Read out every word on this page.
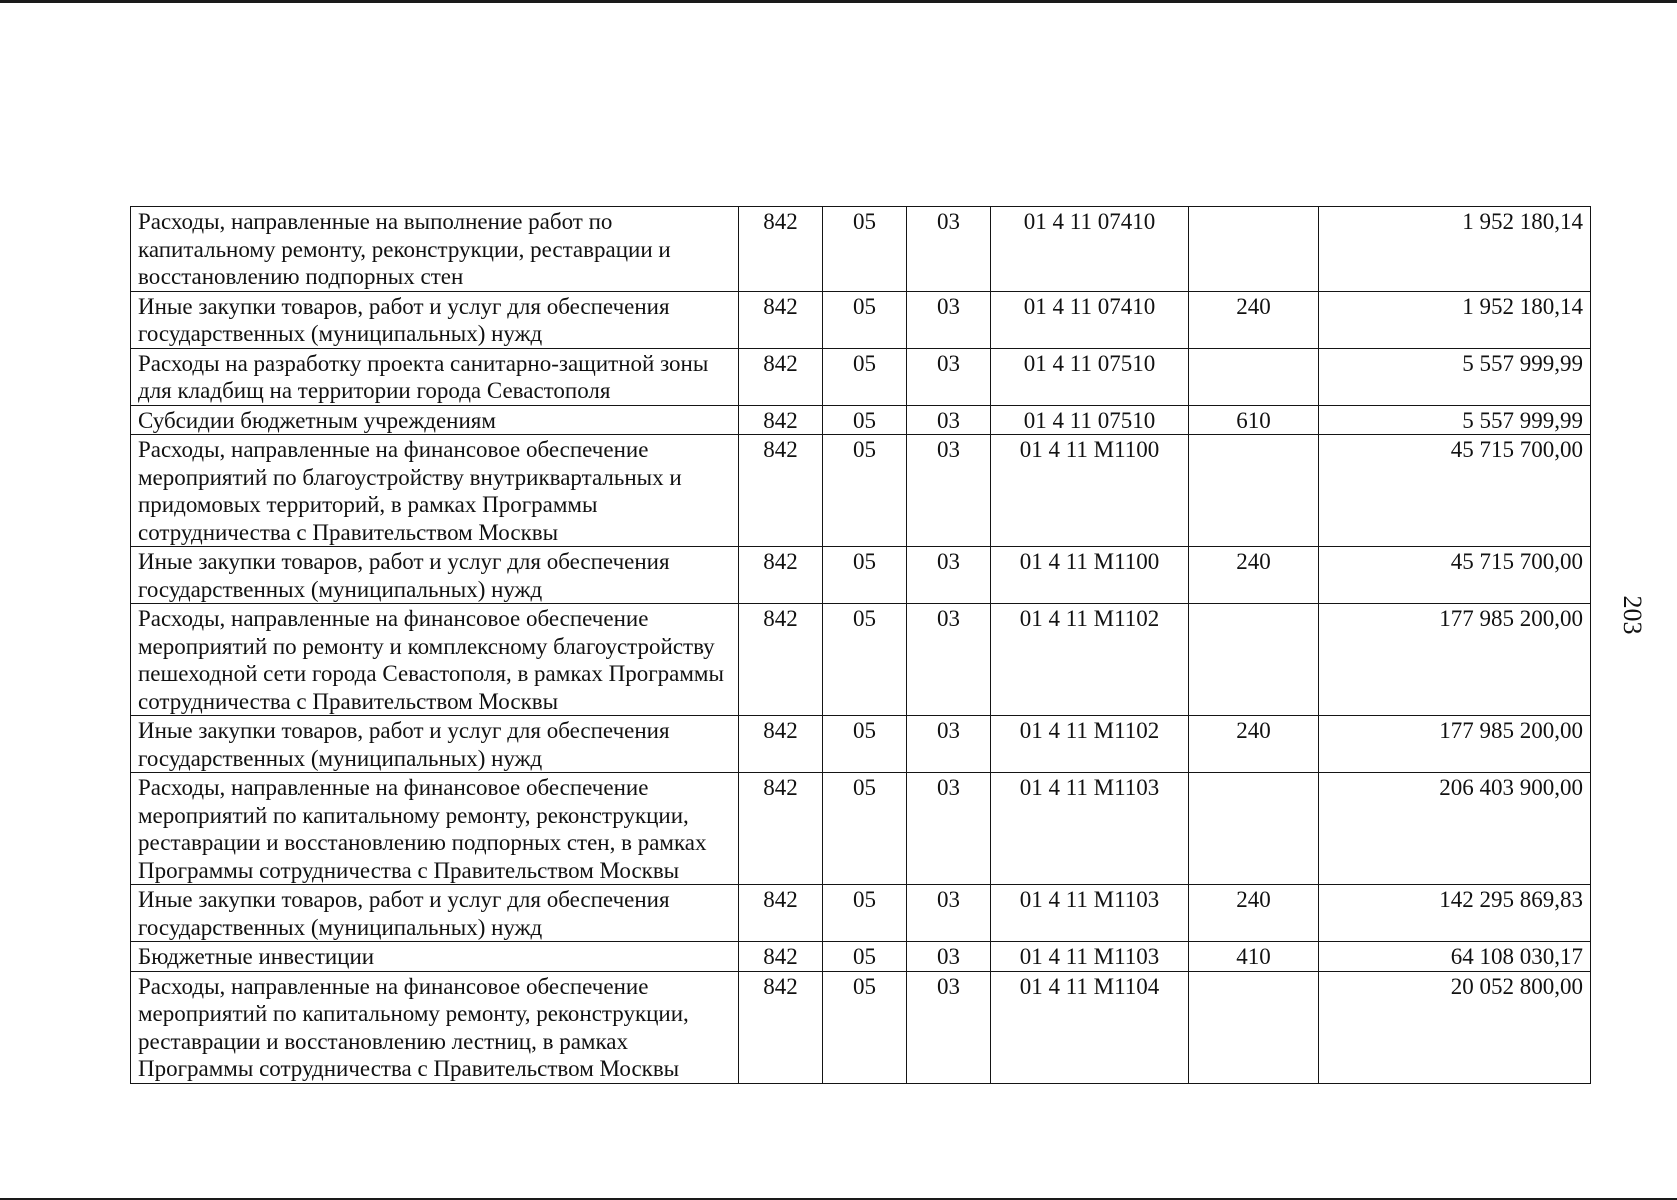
Расходы, направленные на выполнение работ по капитальному ремонту, реконструкции, реставрации и восстановлению подпорных стен	842	05	03	01 4 11 07410		1 952 180,14
Иные закупки товаров, работ и услуг для обеспечения государственных (муниципальных) нужд	842	05	03	01 4 11 07410	240	1 952 180,14
Расходы на разработку проекта санитарно-защитной зоны для кладбищ на территории города Севастополя	842	05	03	01 4 11 07510		5 557 999,99
Субсидии бюджетным учреждениям	842	05	03	01 4 11 07510	610	5 557 999,99
Расходы, направленные на финансовое обеспечение мероприятий по благоустройству внутриквартальных и придомовых территорий, в рамках Программы сотрудничества с Правительством Москвы	842	05	03	01 4 11 М1100		45 715 700,00
Иные закупки товаров, работ и услуг для обеспечения государственных (муниципальных) нужд	842	05	03	01 4 11 М1100	240	45 715 700,00
Расходы, направленные на финансовое обеспечение мероприятий по ремонту и комплексному благоустройству пешеходной сети города Севастополя, в рамках Программы сотрудничества с Правительством Москвы	842	05	03	01 4 11 М1102		177 985 200,00
Иные закупки товаров, работ и услуг для обеспечения государственных (муниципальных) нужд	842	05	03	01 4 11 М1102	240	177 985 200,00
Расходы, направленные на финансовое обеспечение мероприятий по капитальному ремонту, реконструкции, реставрации и восстановлению подпорных стен, в рамках Программы сотрудничества с Правительством Москвы	842	05	03	01 4 11 М1103		206 403 900,00
Иные закупки товаров, работ и услуг для обеспечения государственных (муниципальных) нужд	842	05	03	01 4 11 М1103	240	142 295 869,83
Бюджетные инвестиции	842	05	03	01 4 11 М1103	410	64 108 030,17
Расходы, направленные на финансовое обеспечение мероприятий по капитальному ремонту, реконструкции, реставрации и восстановлению лестниц, в рамках Программы сотрудничества с Правительством Москвы	842	05	03	01 4 11 М1104		20 052 800,00
203
